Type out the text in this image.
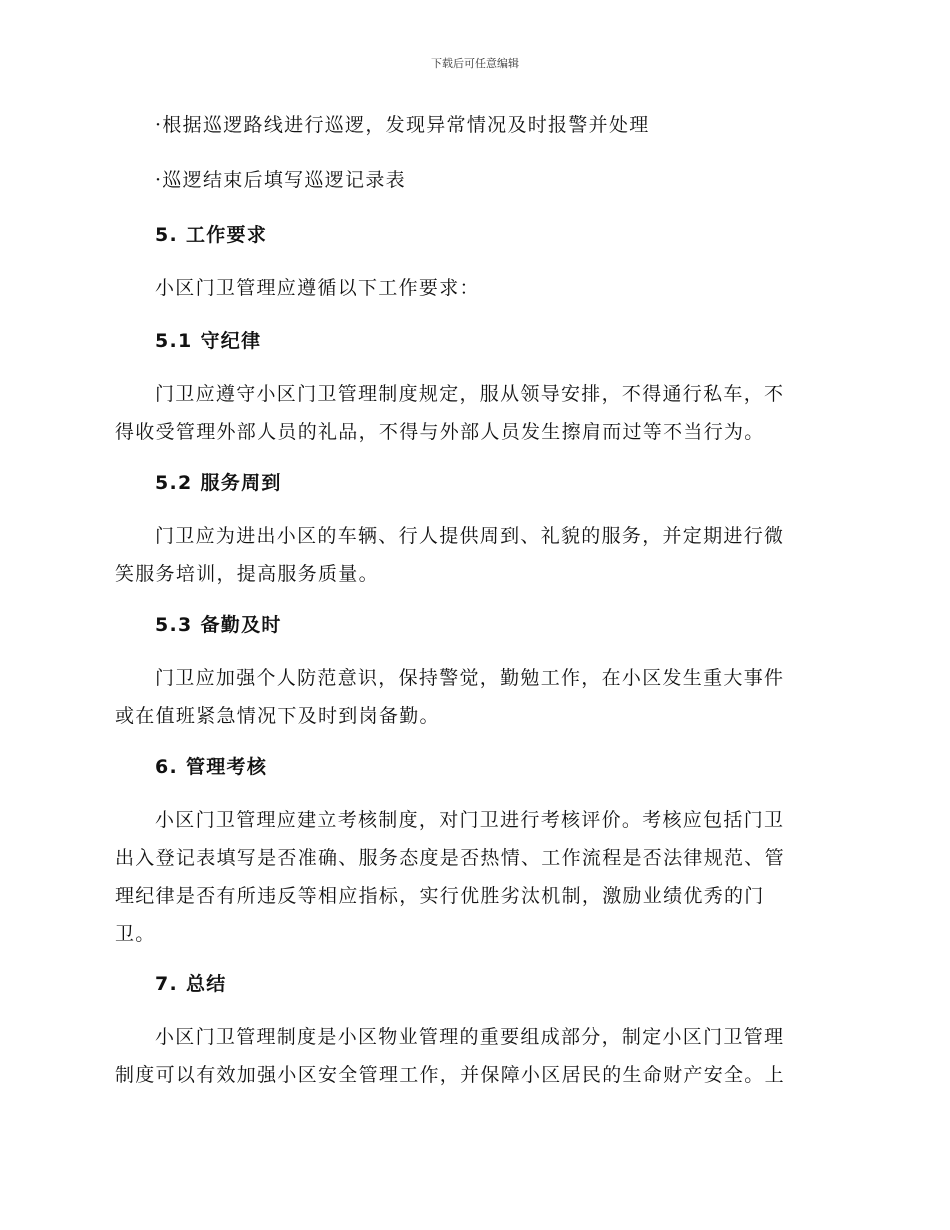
下载后可任意编辑
·根据巡逻路线进行巡逻，发现异常情况及时报警并处理
·巡逻结束后填写巡逻记录表
5. 工作要求
小区门卫管理应遵循以下工作要求：
5.1 守纪律
门卫应遵守小区门卫管理制度规定，服从领导安排，不得通行私车，不
得收受管理外部人员的礼品，不得与外部人员发生擦肩而过等不当行为。
5.2 服务周到
门卫应为进出小区的车辆、行人提供周到、礼貌的服务，并定期进行微
笑服务培训，提高服务质量。
5.3 备勤及时
门卫应加强个人防范意识，保持警觉，勤勉工作，在小区发生重大事件
或在值班紧急情况下及时到岗备勤。
6. 管理考核
小区门卫管理应建立考核制度，对门卫进行考核评价。考核应包括门卫
出入登记表填写是否准确、服务态度是否热情、工作流程是否法律规范、管
理纪律是否有所违反等相应指标，实行优胜劣汰机制，激励业绩优秀的门
卫。
7. 总结
小区门卫管理制度是小区物业管理的重要组成部分，制定小区门卫管理
制度可以有效加强小区安全管理工作，并保障小区居民的生命财产安全。上
